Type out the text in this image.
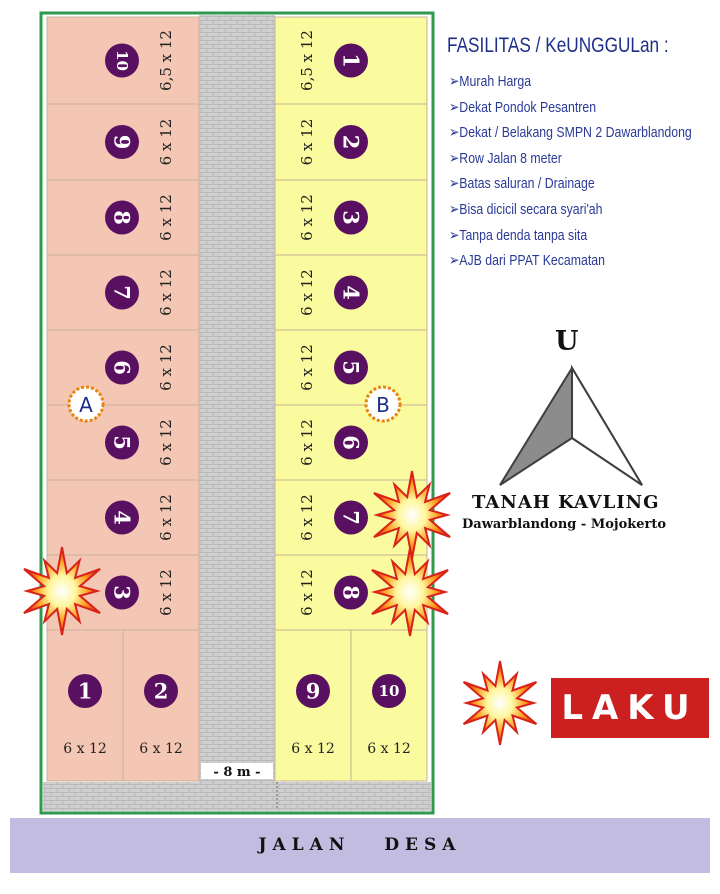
10 6,5 x 12
9 6 x 12
8 6 x 12
7 6 x 12
6 6 x 12
5 6 x 12
4 6 x 12
3 6 x 12
1
6 x 12
2
6 x 12
1
6,5 x 12
2
6 x 12
3
6 x 12
4
6 x 12
5
6 x 12
6
6 x 12
7
6 x 12
8
6 x 12
9
6 x 12
10
6 x 12
- 8 m -
A	B
FASILITAS / KeUNGGULan :
➢Murah Harga
➢Dekat Pondok Pesantren
➢Dekat / Belakang SMPN 2 Dawarblandong
➢Row Jalan 8 meter
➢Batas saluran / Drainage
➢Bisa dicicil secara syari'ah
➢Tanpa denda tanpa sita
➢AJB dari PPAT Kecamatan
U
TANAH KAVLING
Dawarblandong - Mojokerto
LAKU
JALAN DESA
